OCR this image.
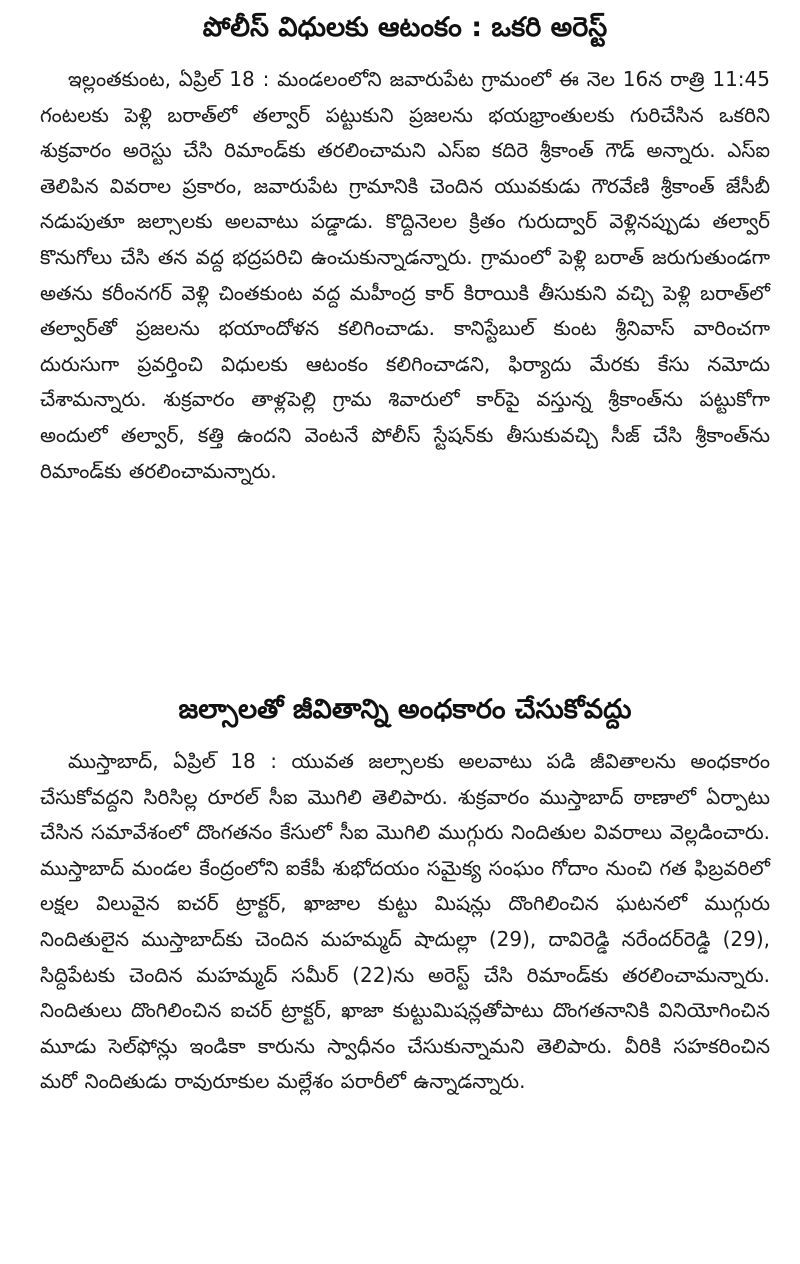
పోలీస్ విధులకు ఆటంకం : ఒకరి అరెస్ట్

ఇల్లంతకుంట, ఏప్రిల్ 18 : మండలంలోని జవారుపేట గ్రామంలో ఈ నెల 16న రాత్రి 11:45 గంటలకు పెళ్లి బరాత్‌లో తల్వార్ పట్టుకుని ప్రజలను భయభ్రాంతులకు గురిచేసిన ఒకరిని శుక్రవారం అరెస్టు చేసి రిమాండ్‌కు తరలించామని ఎస్ఐ కదిరె శ్రీకాంత్ గౌడ్ అన్నారు. ఎస్ఐ తెలిపిన వివరాల ప్రకారం, జవారుపేట గ్రామానికి చెందిన యువకుడు గౌరవేణి శ్రీకాంత్ జేసీబీ నడుపుతూ జల్సాలకు అలవాటు పడ్డాడు. కొద్దినెలల క్రితం గురుద్వార్ వెళ్లినప్పుడు తల్వార్ కొనుగోలు చేసి తన వద్ద భద్రపరిచి ఉంచుకున్నాడన్నారు. గ్రామంలో పెళ్లి బరాత్ జరుగుతుండగా అతను కరీంనగర్ వెళ్లి చింతకుంట వద్ద మహీంద్ర కార్ కిరాయికి తీసుకుని వచ్చి పెళ్లి బరాత్‌లో తల్వార్‌తో ప్రజలను భయాందోళన కలిగించాడు. కానిస్టేబుల్ కుంట శ్రీనివాస్ వారించగా దురుసుగా ప్రవర్తించి విధులకు ఆటంకం కలిగించాడని, ఫిర్యాదు మేరకు కేసు నమోదు చేశామన్నారు. శుక్రవారం తాళ్లపెల్లి గ్రామ శివారులో కార్‌పై వస్తున్న శ్రీకాంత్‌ను పట్టుకోగా అందులో తల్వార్, కత్తి ఉందని వెంటనే పోలీస్ స్టేషన్‌కు తీసుకువచ్చి సీజ్ చేసి శ్రీకాంత్‌ను రిమాండ్‌కు తరలించామన్నారు.

జల్సాలతో జీవితాన్ని అంధకారం చేసుకోవద్దు

ముస్తాబాద్, ఏప్రిల్ 18 : యువత జల్సాలకు అలవాటు పడి జీవితాలను అంధకారం చేసుకోవద్దని సిరిసిల్ల రూరల్ సీఐ మొగిలి తెలిపారు. శుక్రవారం ముస్తాబాద్ ఠాణాలో ఏర్పాటు చేసిన సమావేశంలో దొంగతనం కేసులో సీఐ మొగిలి ముగ్గురు నిందితుల వివరాలు వెల్లడించారు. ముస్తాబాద్ మండల కేంద్రంలోని ఐకేపీ శుభోదయం సమైక్య సంఘం గోదాం నుంచి గత ఫిబ్రవరిలో లక్షల విలువైన ఐచర్ ట్రాక్టర్, ఖాజాల కుట్టు మిషన్లు దొంగిలించిన ఘటనలో ముగ్గురు నిందితులైన ముస్తాబాద్‌కు చెందిన మహమ్మద్ షాదుల్లా (29), దావిరెడ్డి నరేందర్‌రెడ్డి (29), సిద్దిపేటకు చెందిన మహమ్మద్ సమీర్ (22)ను అరెస్ట్ చేసి రిమాండ్‌కు తరలించామన్నారు. నిందితులు దొంగిలించిన ఐచర్ ట్రాక్టర్, ఖాజా కుట్టుమిషన్లతోపాటు దొంగతనానికి వినియోగించిన మూడు సెల్‌ఫోన్లు ఇండికా కారును స్వాధీనం చేసుకున్నామని తెలిపారు. వీరికి సహకరించిన మరో నిందితుడు రావురూకుల మల్లేశం పరారీలో ఉన్నాడన్నారు.
